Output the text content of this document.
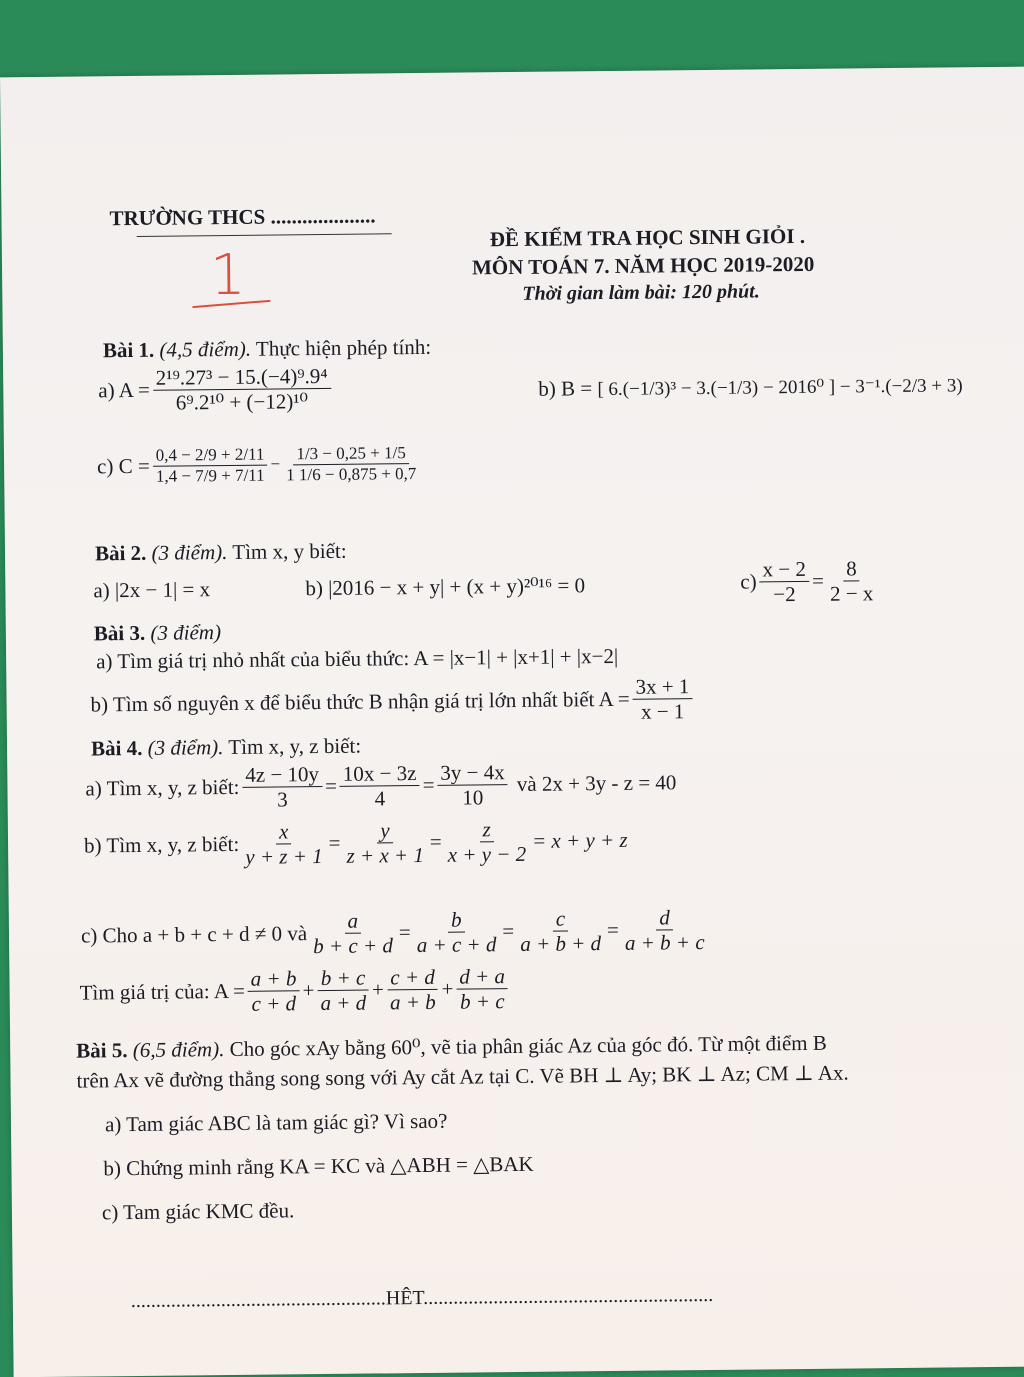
TRƯỜNG THCS ....................
1
ĐỀ KIỂM TRA HỌC SINH GIỎI .
MÔN TOÁN 7. NĂM HỌC 2019-2020
Thời gian làm bài: 120 phút.
Bài 1. (4,5 điểm). Thực hiện phép tính:
a) $A = \frac{\text{2¹⁹.27³ − 15.(−4)⁹.9⁴}}{\text{6⁹.2¹⁰ + (−12)¹⁰}}$	b) B = [ 6.(−1/3)³ − 3.(−1/3) − 2016⁰ ] − 3⁻¹.(−2/3 + 3)
c) $C = \frac{0,4 - 2/9 + 2/11}{1,4 - 7/9 + 7/11} - \frac{1/3 - 0,25 + 1/5}{1 1/6 - 0,875 + 0,7}$
Bài 2. (3 điểm). Tìm x, y biết:
a) |2x − 1| = x	b) |2016 − x + y| + (x + y)²⁰¹⁶ = 0	$c) \frac{x - 2}{-2} = \frac{8}{2 - x}$
Bài 3. (3 điểm)
a) Tìm giá trị nhỏ nhất của biểu thức: A = |x−1| + |x+1| + |x−2|
b) Tìm số nguyên x để biểu thức B nhận giá trị lớn nhất biết $A = \frac{3x + 1}{x - 1}$
Bài 4. (3 điểm). Tìm x, y, z biết:
a) Tìm x, y, z biết: $\frac{4z - 10y}{3} = \frac{10x - 3z}{4} = \frac{3y - 4x}{10}$ và 2x + 3y - z = 40
b) Tìm x, y, z biết: $\frac{x}{y + z + 1} = \frac{y}{z + x + 1} = \frac{z}{x + y - 2} = x + y + z$
c) Cho a + b + c + d ≠ 0 và $\frac{a}{b + c + d} = \frac{b}{a + c + d} = \frac{c}{a + b + d} = \frac{d}{a + b + c}$
Tìm giá trị của: $A = \frac{a + b}{c + d} + \frac{b + c}{a + d} + \frac{c + d}{a + b} + \frac{d + a}{b + c}$
Bài 5. (6,5 điểm). Cho góc xAy bằng 60⁰, vẽ tia phân giác Az của góc đó. Từ một điểm B
trên Ax vẽ đường thẳng song song với Ay cắt Az tại C. Vẽ BH ⊥ Ay; BK ⊥ Az; CM ⊥ Ax.
a) Tam giác ABC là tam giác gì? Vì sao?
b) Chứng minh rằng KA = KC và △ABH = △BAK
c) Tam giác KMC đều.
...................................................HÊT..........................................................
